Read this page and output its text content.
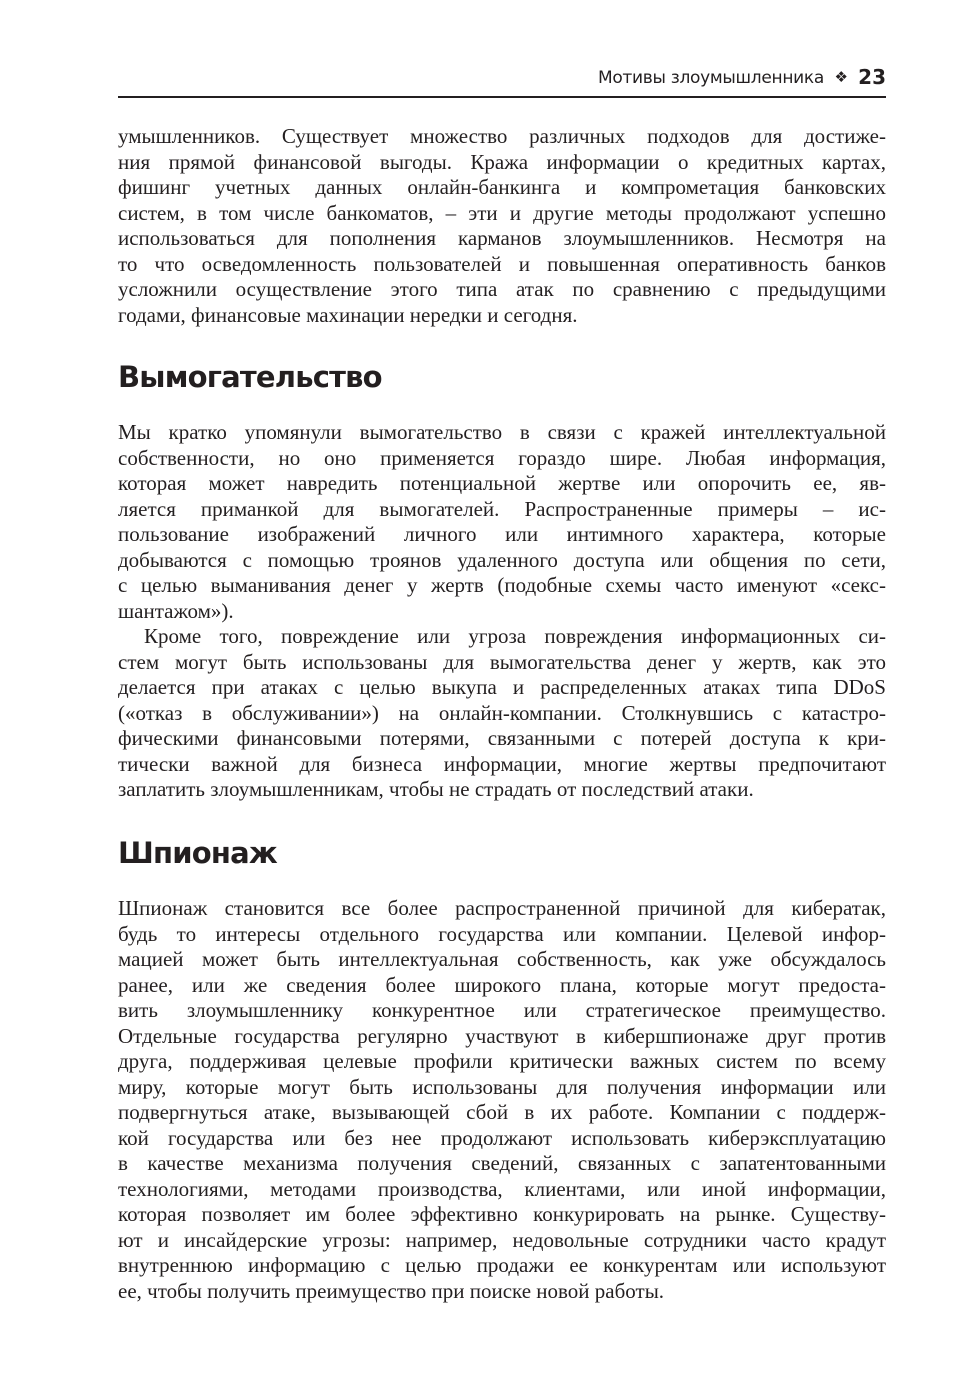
Мотивы злоумышленника ❖ 23
умышленников. Существует множество различных подходов для достиже-
ния прямой финансовой выгоды. Кража информации о кредитных картах,
фишинг учетных данных онлайн-банкинга и компрометация банковских
систем, в том числе банкоматов, – эти и другие методы продолжают успешно
использоваться для пополнения карманов злоумышленников. Несмотря на
то что осведомленность пользователей и повышенная оперативность банков
усложнили осуществление этого типа атак по сравнению с предыдущими
годами, финансовые махинации нередки и сегодня.
Вымогательство
Мы кратко упомянули вымогательство в связи с кражей интеллектуальной
собственности, но оно применяется гораздо шире. Любая информация,
которая может навредить потенциальной жертве или опорочить ее, яв-
ляется приманкой для вымогателей. Распространенные примеры – ис-
пользование изображений личного или интимного характера, которые
добываются с помощью троянов удаленного доступа или общения по сети,
с целью выманивания денег у жертв (подобные схемы часто именуют «секс-
шантажом»).
Кроме того, повреждение или угроза повреждения информационных си-
стем могут быть использованы для вымогательства денег у жертв, как это
делается при атаках с целью выкупа и распределенных атаках типа DDoS
(«отказ в обслуживании») на онлайн-компании. Столкнувшись с катастро-
фическими финансовыми потерями, связанными с потерей доступа к кри-
тически важной для бизнеса информации, многие жертвы предпочитают
заплатить злоумышленникам, чтобы не страдать от последствий атаки.
Шпионаж
Шпионаж становится все более распространенной причиной для кибератак,
будь то интересы отдельного государства или компании. Целевой инфор-
мацией может быть интеллектуальная собственность, как уже обсуждалось
ранее, или же сведения более широкого плана, которые могут предоста-
вить злоумышленнику конкурентное или стратегическое преимущество.
Отдельные государства регулярно участвуют в кибершпионаже друг против
друга, поддерживая целевые профили критически важных систем по всему
миру, которые могут быть использованы для получения информации или
подвергнуться атаке, вызывающей сбой в их работе. Компании с поддерж-
кой государства или без нее продолжают использовать киберэксплуатацию
в качестве механизма получения сведений, связанных с запатентованными
технологиями, методами производства, клиентами, или иной информации,
которая позволяет им более эффективно конкурировать на рынке. Существу-
ют и инсайдерские угрозы: например, недовольные сотрудники часто крадут
внутреннюю информацию с целью продажи ее конкурентам или используют
ее, чтобы получить преимущество при поиске новой работы.
